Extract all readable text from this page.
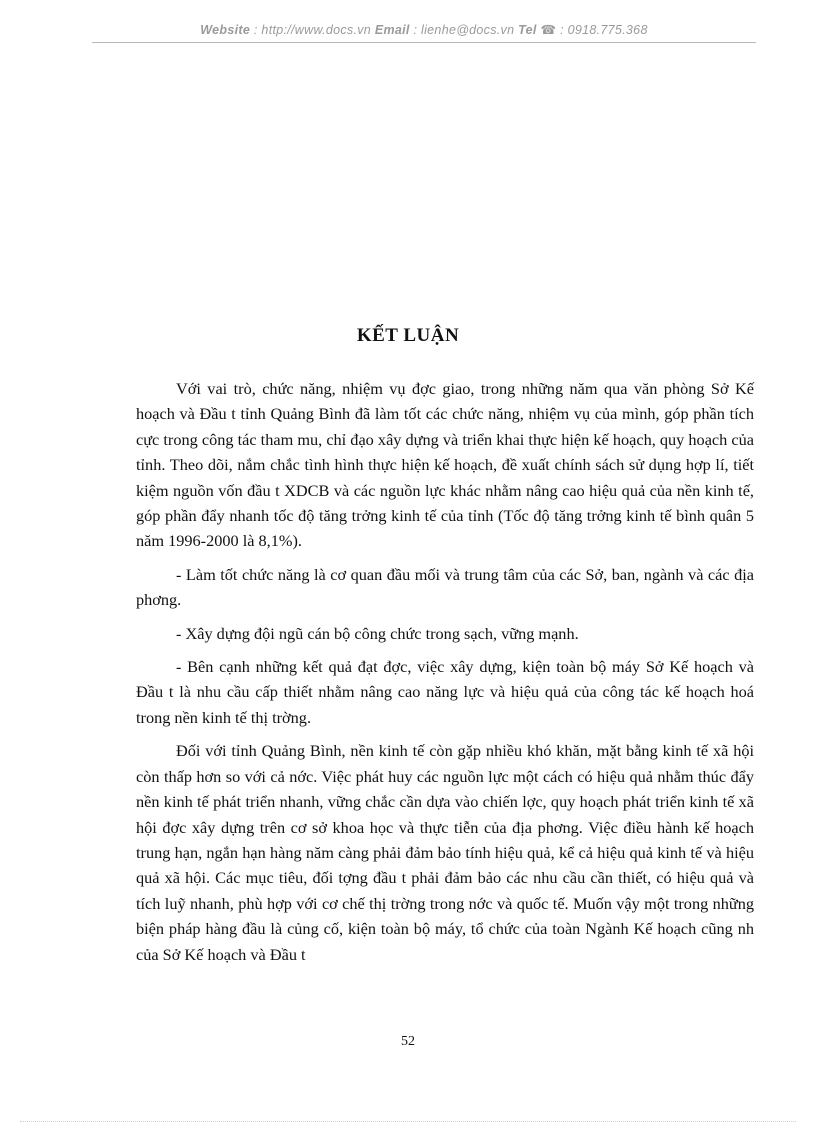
Website : http://www.docs.vn Email : lienhe@docs.vn Tel ☎ : 0918.775.368
KẾT LUẬN

Với vai trò, chức năng, nhiệm vụ đợc giao, trong những năm qua văn phòng Sở Kế hoạch và Đầu t tỉnh Quảng Bình đã làm tốt các chức năng, nhiệm vụ của mình, góp phần tích cực trong công tác tham mu, chỉ đạo xây dựng và triển khai thực hiện kế hoạch, quy hoạch của tỉnh. Theo dõi, nắm chắc tình hình thực hiện kế hoạch, đề xuất chính sách sử dụng hợp lí, tiết kiệm nguồn vốn đầu t XDCB và các nguồn lực khác nhằm nâng cao hiệu quả của nền kinh tế, góp phần đẩy nhanh tốc độ tăng trởng kinh tế của tỉnh (Tốc độ tăng trởng kinh tế bình quân 5 năm 1996-2000 là 8,1%).

- Làm tốt chức năng là cơ quan đầu mối và trung tâm của các Sở, ban, ngành và các địa phơng.

- Xây dựng đội ngũ cán bộ công chức trong sạch, vững mạnh.

- Bên cạnh những kết quả đạt đợc, việc xây dựng, kiện toàn bộ máy Sở Kế hoạch và Đầu t là nhu cầu cấp thiết nhằm nâng cao năng lực và hiệu quả của công tác kế hoạch hoá trong nền kinh tế thị trờng.

Đối với tỉnh Quảng Bình, nền kinh tế còn gặp nhiều khó khăn, mặt bằng kinh tế xã hội còn thấp hơn so với cả nớc. Việc phát huy các nguồn lực một cách có hiệu quả nhằm thúc đẩy nền kinh tế phát triển nhanh, vững chắc cần dựa vào chiến lợc, quy hoạch phát triển kinh tế xã hội đợc xây dựng trên cơ sở khoa học và thực tiễn của địa phơng. Việc điều hành kế hoạch trung hạn, ngắn hạn hàng năm càng phải đảm bảo tính hiệu quả, kể cả hiệu quả kinh tế và hiệu quả xã hội. Các mục tiêu, đối tợng đầu t phải đảm bảo các nhu cầu cần thiết, có hiệu quả và tích luỹ nhanh, phù hợp với cơ chế thị trờng trong nớc và quốc tế. Muốn vậy một trong những biện pháp hàng đầu là củng cố, kiện toàn bộ máy, tổ chức của toàn Ngành Kế hoạch cũng nh của Sở Kế hoạch và Đầu t

52
